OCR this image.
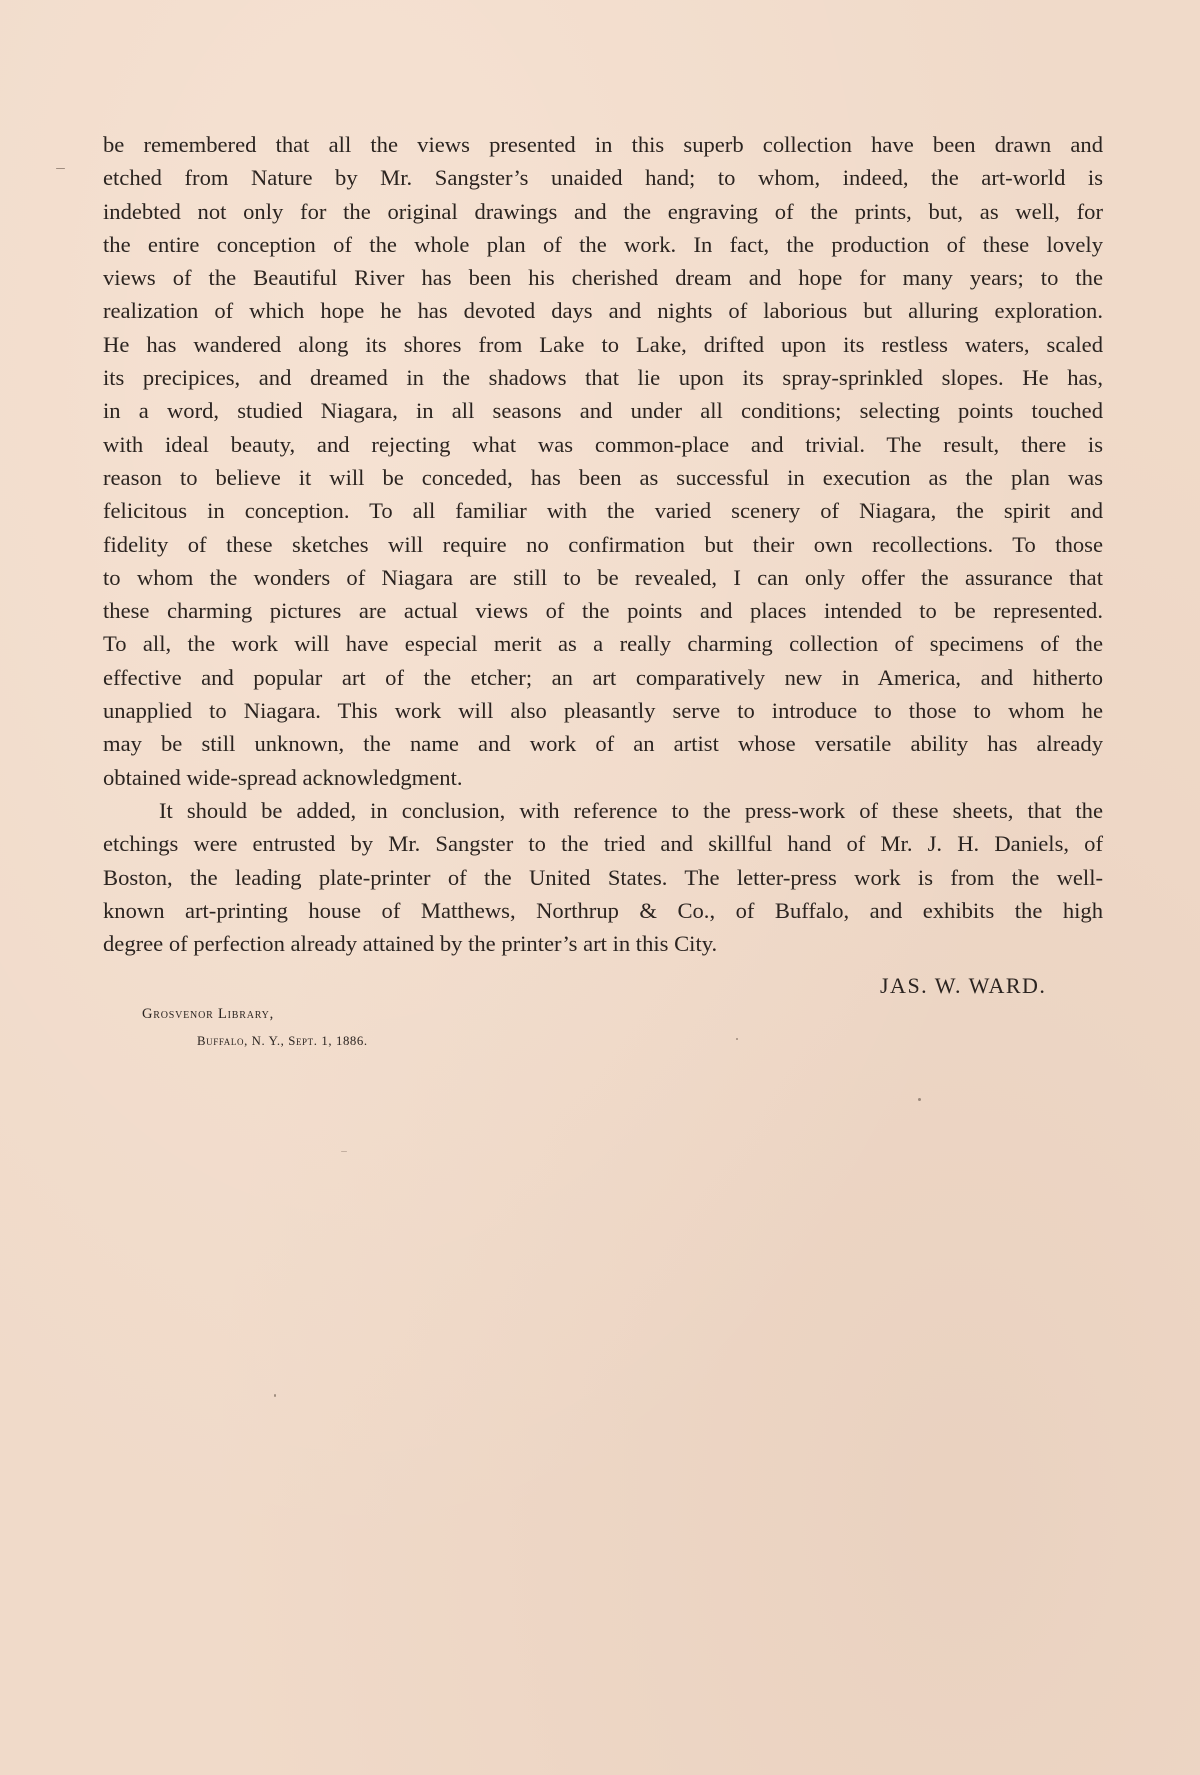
be remembered that all the views presented in this superb collection have been drawn and
etched from Nature by Mr. Sangster’s unaided hand; to whom, indeed, the art-world is
indebted not only for the original drawings and the engraving of the prints, but, as well, for
the entire conception of the whole plan of the work. In fact, the production of these lovely
views of the Beautiful River has been his cherished dream and hope for many years; to the
realization of which hope he has devoted days and nights of laborious but alluring exploration.
He has wandered along its shores from Lake to Lake, drifted upon its restless waters, scaled
its precipices, and dreamed in the shadows that lie upon its spray-sprinkled slopes. He has,
in a word, studied Niagara, in all seasons and under all conditions; selecting points touched
with ideal beauty, and rejecting what was common-place and trivial. The result, there is
reason to believe it will be conceded, has been as successful in execution as the plan was
felicitous in conception. To all familiar with the varied scenery of Niagara, the spirit and
fidelity of these sketches will require no confirmation but their own recollections. To those
to whom the wonders of Niagara are still to be revealed, I can only offer the assurance that
these charming pictures are actual views of the points and places intended to be represented.
To all, the work will have especial merit as a really charming collection of specimens of the
effective and popular art of the etcher; an art comparatively new in America, and hitherto
unapplied to Niagara. This work will also pleasantly serve to introduce to those to whom he
may be still unknown, the name and work of an artist whose versatile ability has already
obtained wide-spread acknowledgment.
It should be added, in conclusion, with reference to the press-work of these sheets, that the
etchings were entrusted by Mr. Sangster to the tried and skillful hand of Mr. J. H. Daniels, of
Boston, the leading plate-printer of the United States. The letter-press work is from the well-
known art-printing house of Matthews, Northrup & Co., of Buffalo, and exhibits the high
degree of perfection already attained by the printer’s art in this City.
JAS. W. WARD.
Grosvenor Library,
Buffalo, N. Y., Sept. 1, 1886.
